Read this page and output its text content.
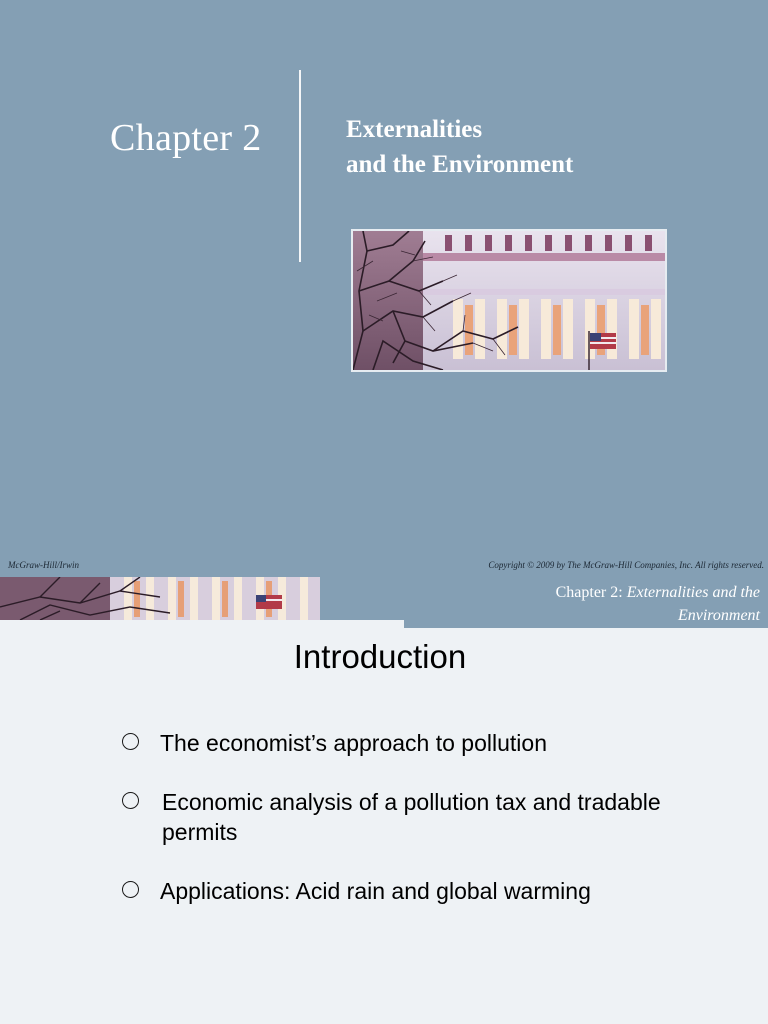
Chapter 2	Externalities
and the Environment
McGraw-Hill/Irwin	Copyright © 2009 by The McGraw-Hill Companies, Inc. All rights reserved.
Chapter 2: Externalities and the
Environment
Introduction
The economist’s approach to pollution
Economic analysis of a pollution tax and tradable permits
Applications: Acid rain and global warming
